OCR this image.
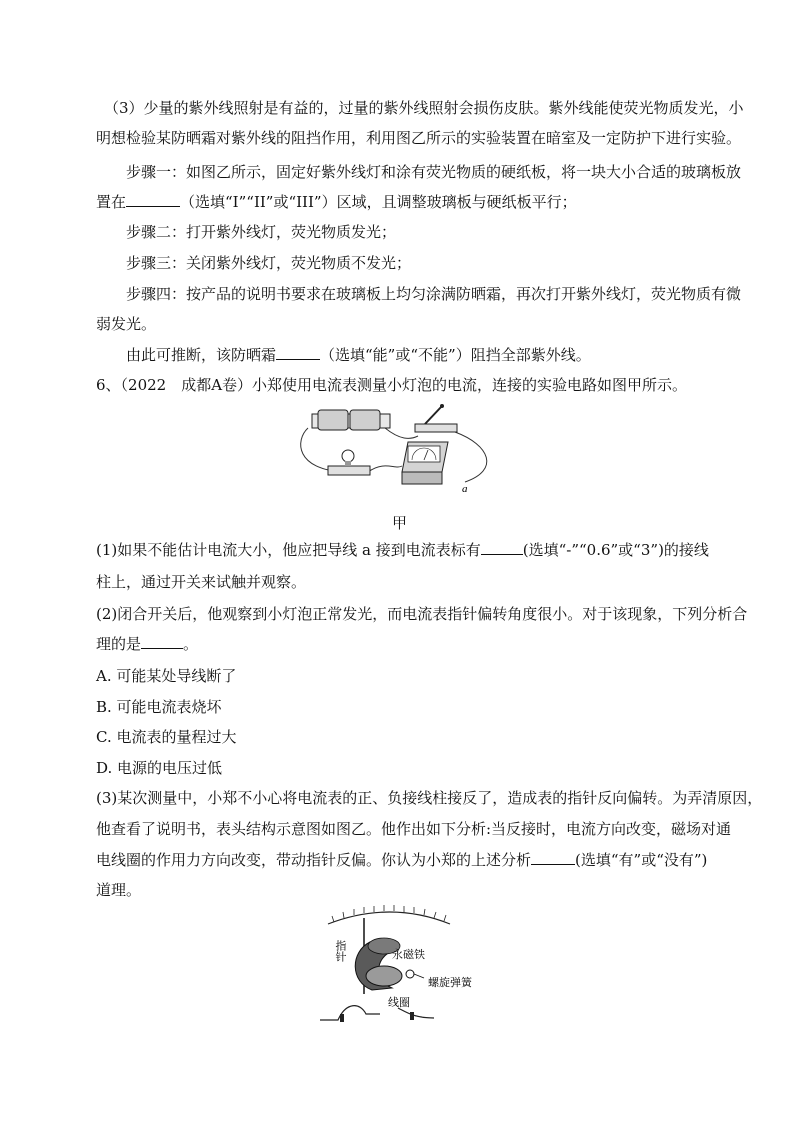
（3）少量的紫外线照射是有益的，过量的紫外线照射会损伤皮肤。紫外线能使荧光物质发光，小
明想检验某防晒霜对紫外线的阻挡作用，利用图乙所示的实验装置在暗室及一定防护下进行实验。
步骤一：如图乙所示，固定好紫外线灯和涂有荧光物质的硬纸板，将一块大小合适的玻璃板放
置在	（选填“I”“II”或“III”）区域，且调整玻璃板与硬纸板平行；
步骤二：打开紫外线灯，荧光物质发光；
步骤三：关闭紫外线灯，荧光物质不发光；
步骤四：按产品的说明书要求在玻璃板上均匀涂满防晒霜，再次打开紫外线灯，荧光物质有微
弱发光。
由此可推断，该防晒霜	（选填“能”或“不能”）阻挡全部紫外线。
6、（2022　成都A卷）小郑使用电流表测量小灯泡的电流，连接的实验电路如图甲所示。
a
甲
(1)如果不能估计电流大小，他应把导线 a 接到电流表标有	(选填“-”“0.6”或“3”)的接线
柱上，通过开关来试触并观察。
(2)闭合开关后，他观察到小灯泡正常发光，而电流表指针偏转角度很小。对于该现象，下列分析合
理的是	。
A. 可能某处导线断了
B. 可能电流表烧坏
C. 电流表的量程过大
D. 电源的电压过低
(3)某次测量中，小郑不小心将电流表的正、负接线柱接反了，造成表的指针反向偏转。为弄清原因，
他查看了说明书，表头结构示意图如图乙。他作出如下分析:当反接时，电流方向改变，磁场对通
电线圈的作用力方向改变，带动指针反偏。你认为小郑的上述分析	(选填“有”或“没有”)
道理。
指针	永磁铁
螺旋弹簧
线圈
